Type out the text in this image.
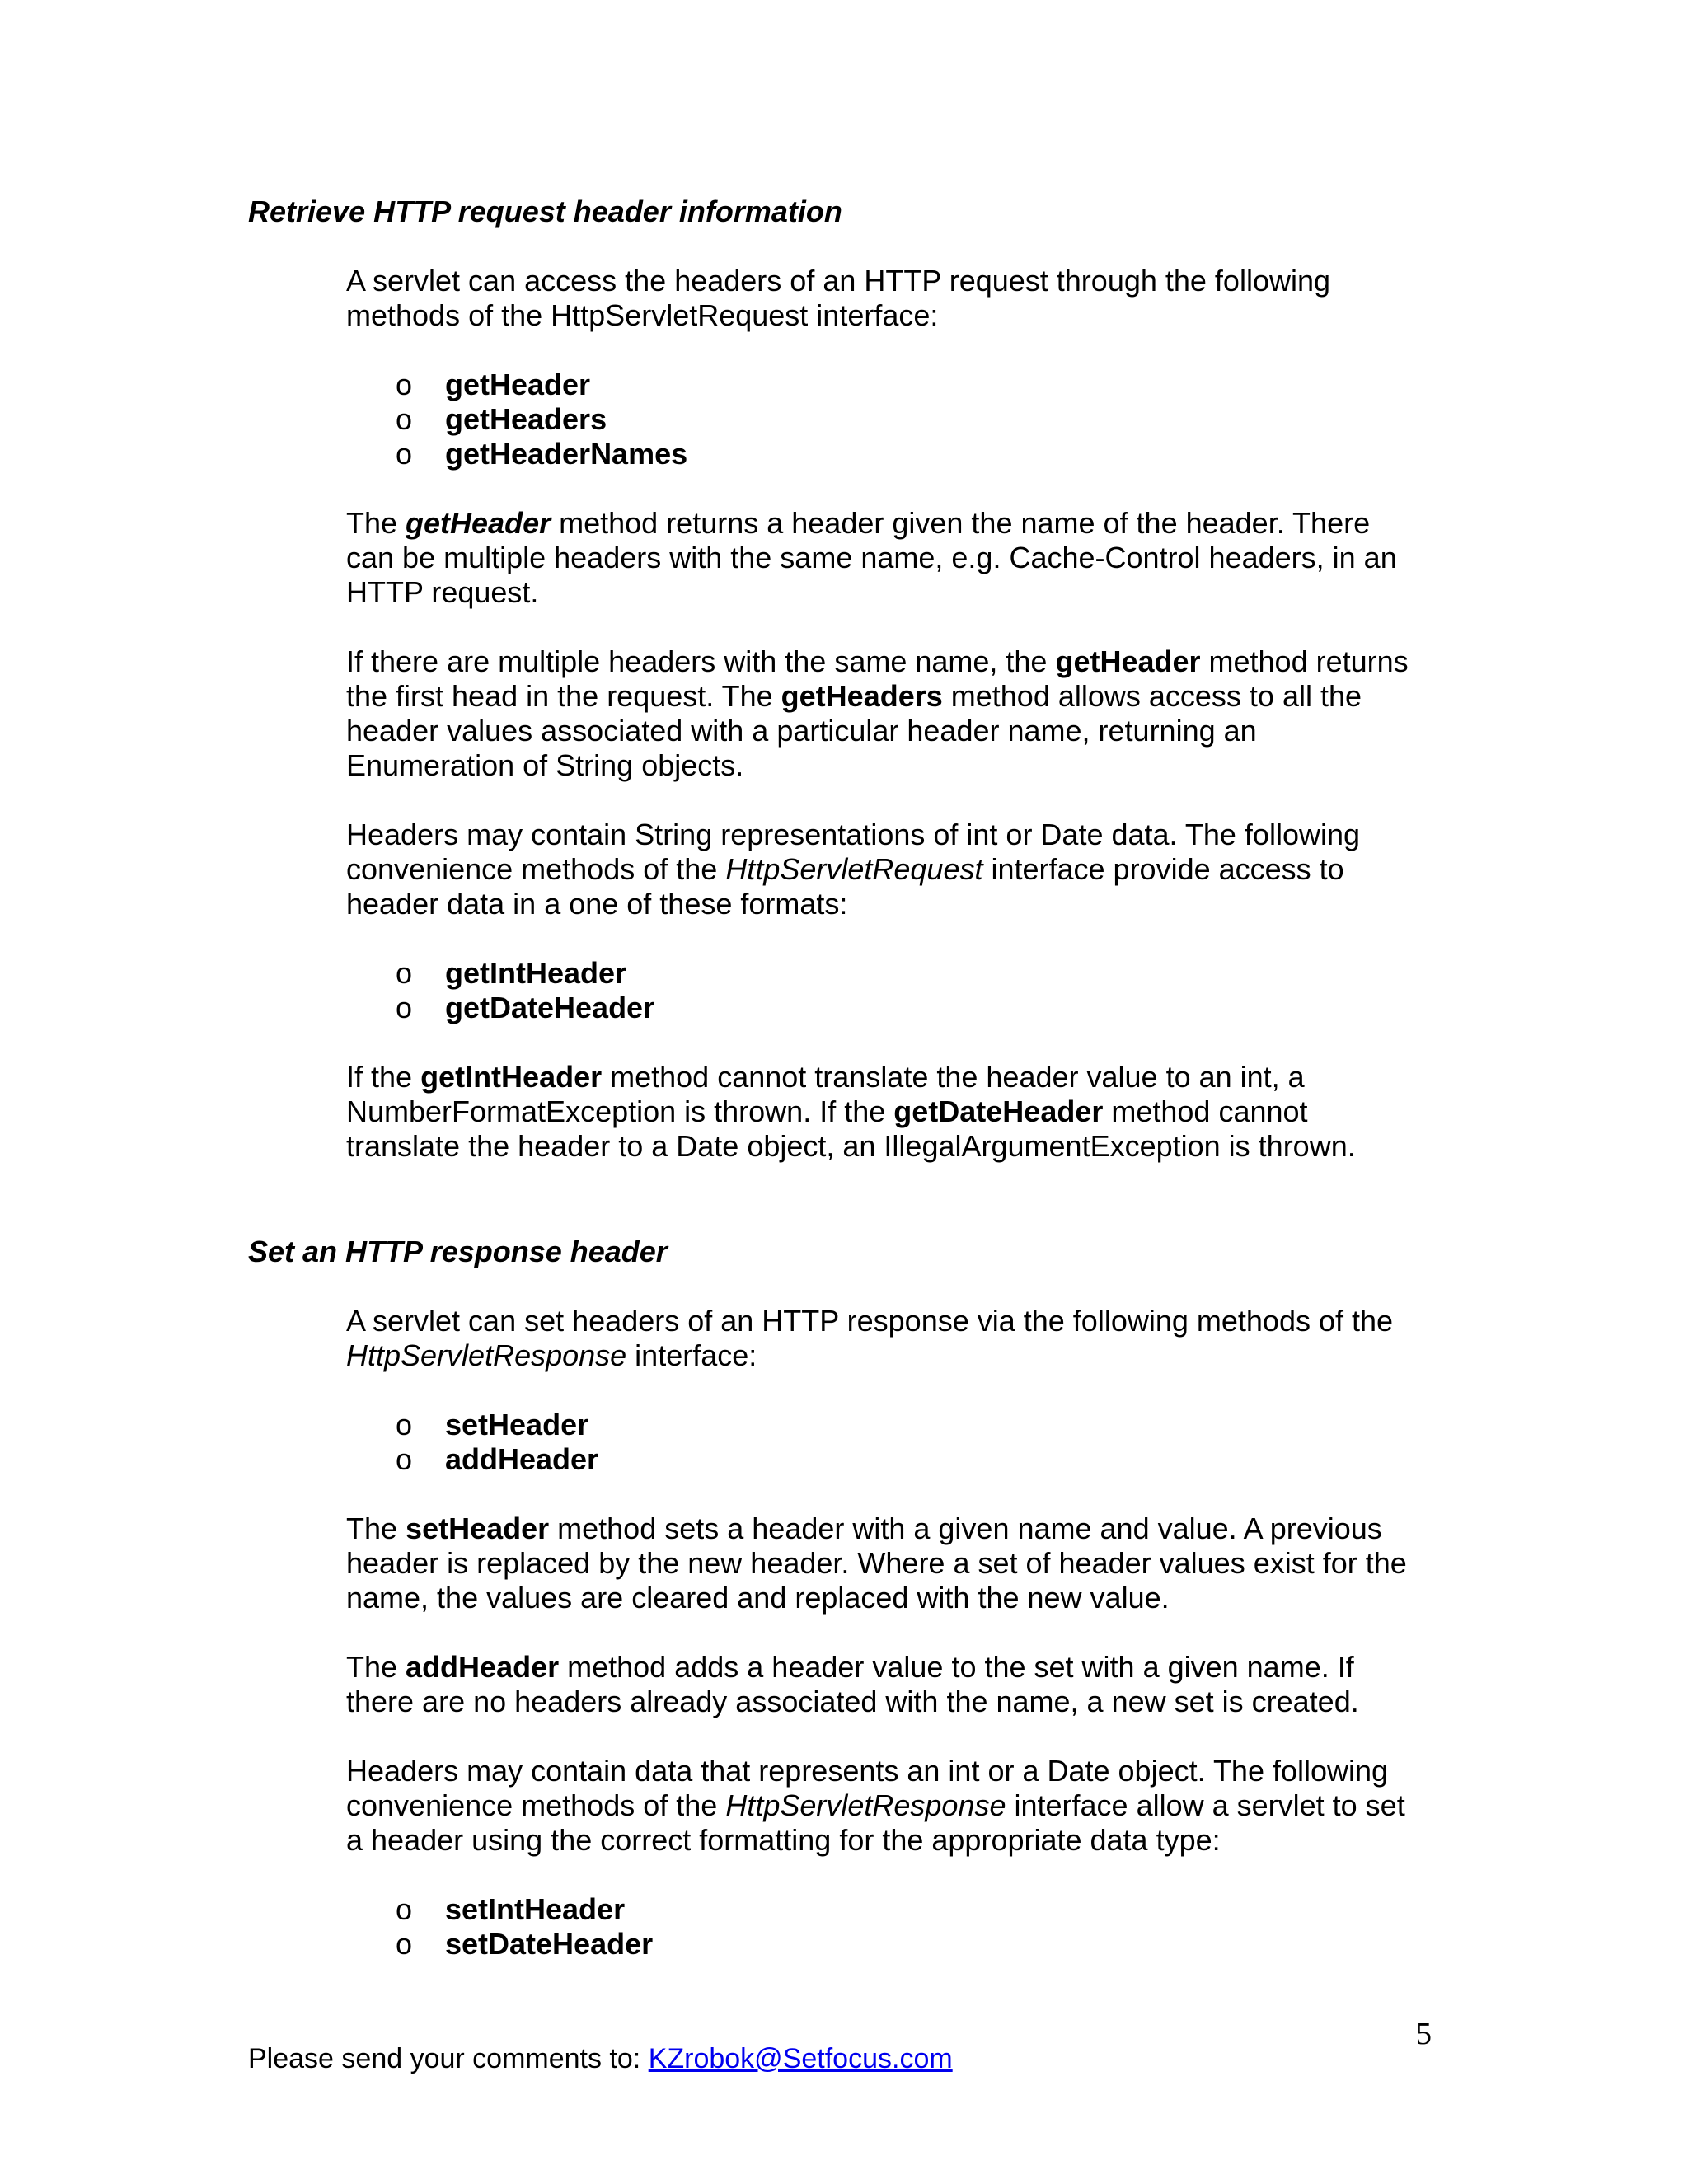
Retrieve HTTP request header information

A servlet can access the headers of an HTTP request through the following
methods of the HttpServletRequest interface:

o getHeader
o getHeaders
o getHeaderNames

The getHeader method returns a header given the name of the header. There
can be multiple headers with the same name, e.g. Cache-Control headers, in an
HTTP request.

If there are multiple headers with the same name, the getHeader method returns
the first head in the request. The getHeaders method allows access to all the
header values associated with a particular header name, returning an
Enumeration of String objects.

Headers may contain String representations of int or Date data. The following
convenience methods of the HttpServletRequest interface provide access to
header data in a one of these formats:

o getIntHeader
o getDateHeader

If the getIntHeader method cannot translate the header value to an int, a
NumberFormatException is thrown. If the getDateHeader method cannot
translate the header to a Date object, an IllegalArgumentException is thrown.

Set an HTTP response header

A servlet can set headers of an HTTP response via the following methods of the
HttpServletResponse interface:

o setHeader
o addHeader

The setHeader method sets a header with a given name and value. A previous
header is replaced by the new header. Where a set of header values exist for the
name, the values are cleared and replaced with the new value.

The addHeader method adds a header value to the set with a given name. If
there are no headers already associated with the name, a new set is created.

Headers may contain data that represents an int or a Date object. The following
convenience methods of the HttpServletResponse interface allow a servlet to set
a header using the correct formatting for the appropriate data type:

o setIntHeader
o setDateHeader
5
Please send your comments to: KZrobok@Setfocus.com
